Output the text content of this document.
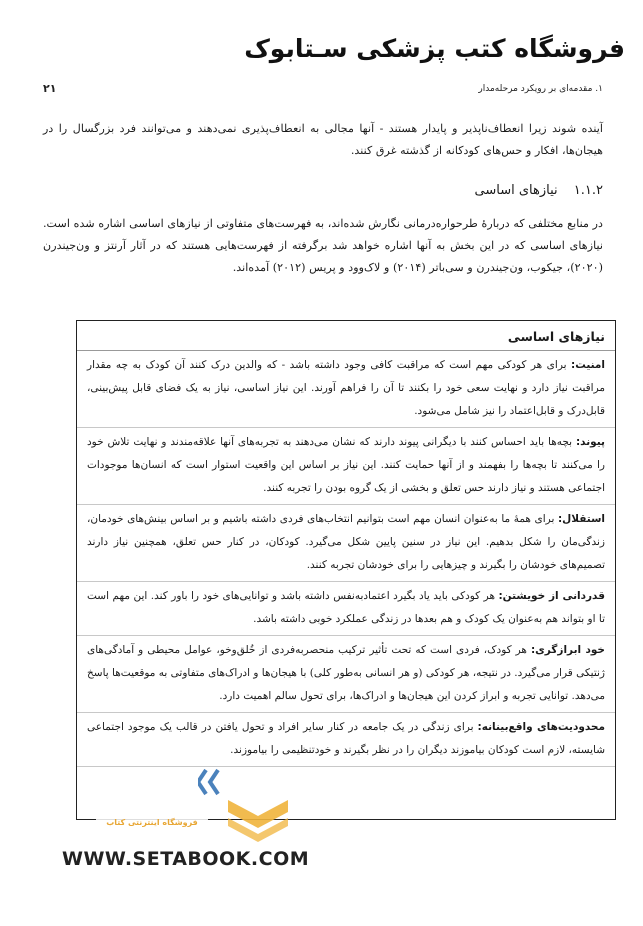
فروشگاه کتب پزشکی سـتابوک
۱. مقدمه‌ای بر رویکرد مرحله‌مدار
۲۱

آینده شوند زیرا انعطاف‌ناپذیر و پایدار هستند - آنها مجالی به انعطاف‌پذیری نمی‌دهند و می‌توانند فرد بزرگسال را در هیجان‌ها، افکار و حس‌های کودکانه از گذشته غرق کنند.

۱.۱.۲ نیازهای اساسی

در منابع مختلفی که دربارهٔ طرحواره‌درمانی نگارش شده‌اند، به فهرست‌های متفاوتی از نیازهای اساسی اشاره شده است. نیازهای اساسی که در این بخش به آنها اشاره خواهد شد برگرفته از فهرست‌هایی هستند که در آثار آرنتز و ون‌جیندرن (۲۰۲۰)، جیکوب، ون‌جیندرن و سی‌باتر (۲۰۱۴) و لاک‌وود و پریس (۲۰۱۲) آمده‌اند.

نیازهای اساسی
امنیت: برای هر کودکی مهم است که مراقبت کافی وجود داشته باشد - که والدین درک کنند آن کودک به چه مقدار مراقبت نیاز دارد و نهایت سعی خود را بکنند تا آن را فراهم آورند. این نیاز اساسی، نیاز به یک فضای قابل پیش‌بینی، قابل‌درک و قابل‌اعتماد را نیز شامل می‌شود.
پیوند: بچه‌ها باید احساس کنند با دیگرانی پیوند دارند که نشان می‌دهند به تجربه‌های آنها علاقه‌مندند و نهایت تلاش خود را می‌کنند تا بچه‌ها را بفهمند و از آنها حمایت کنند. این نیاز بر اساس این واقعیت استوار است که انسان‌ها موجودات اجتماعی هستند و نیاز دارند حس تعلق و بخشی از یک گروه بودن را تجربه کنند.
استقلال: برای همهٔ ما به‌عنوان انسان مهم است بتوانیم انتخاب‌های فردی داشته باشیم و بر اساس بینش‌های خودمان، زندگی‌مان را شکل بدهیم. این نیاز در سنین پایین شکل می‌گیرد. کودکان، در کنار حس تعلق، همچنین نیاز دارند تصمیم‌های خودشان را بگیرند و چیزهایی را برای خودشان تجربه کنند.
قدردانی از خویشتن: هر کودکی باید یاد بگیرد اعتمادبه‌نفس داشته باشد و توانایی‌های خود را باور کند. این مهم است تا او بتواند هم به‌عنوان یک کودک و هم بعدها در زندگی عملکرد خوبی داشته باشد.
خود ابرازگری: هر کودک، فردی است که تحت تأثیر ترکیب منحصربه‌فردی از خُلق‌وخو، عوامل محیطی و آمادگی‌های ژنتیکی قرار می‌گیرد. در نتیجه، هر کودکی (و هر انسانی به‌طور کلی) با هیجان‌ها و ادراک‌های متفاوتی به موقعیت‌ها پاسخ می‌دهد. توانایی تجربه و ابراز کردن این هیجان‌ها و ادراک‌ها، برای تحول سالم اهمیت دارد.
محدودیت‌های واقع‌بینانه: برای زندگی در یک جامعه در کنار سایر افراد و تحول یافتن در قالب یک موجود اجتماعی شایسته، لازم است کودکان بیاموزند دیگران را در نظر بگیرند و خودتنظیمی را بیاموزند.
فروشگاه اینترنتی کتاب
WWW.SETABOOK.COM
